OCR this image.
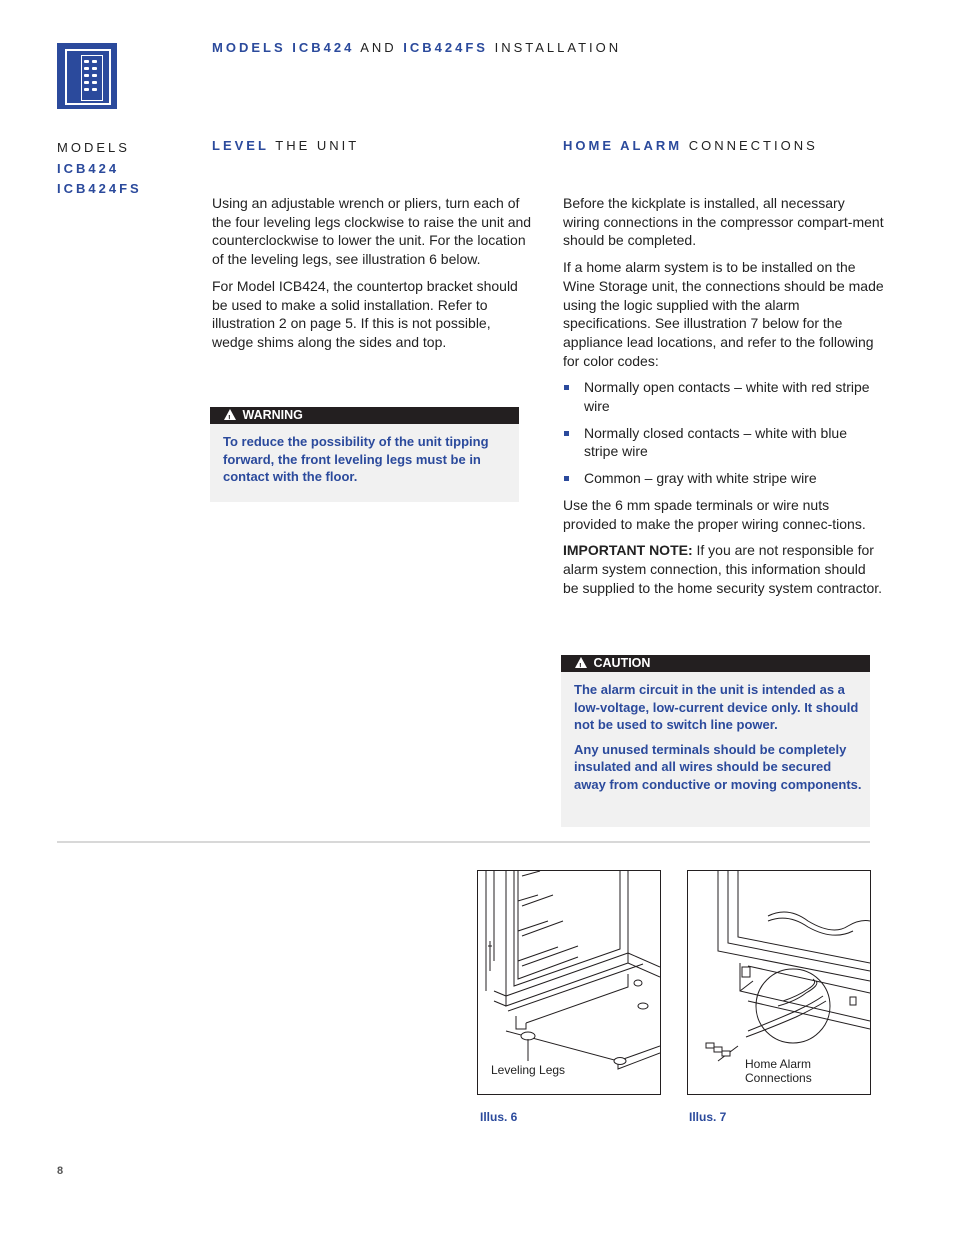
MODELS ICB424 AND ICB424FS INSTALLATION
MODELS
ICB424
ICB424FS
LEVEL THE UNIT

Using an adjustable wrench or pliers, turn each of the four leveling legs clockwise to raise the unit and counterclockwise to lower the unit. For the location of the leveling legs, see illustration 6 below.

For Model ICB424, the countertop bracket should be used to make a solid installation. Refer to illustration 2 on page 5. If this is not possible, wedge shims along the sides and top.

! WARNING

To reduce the possibility of the unit tipping forward, the front leveling legs must be in contact with the floor.

HOME ALARM CONNECTIONS

Before the kickplate is installed, all necessary wiring connections in the compressor compart-ment should be completed.

If a home alarm system is to be installed on the Wine Storage unit, the connections should be made using the logic supplied with the alarm specifications. See illustration 7 below for the appliance lead locations, and refer to the following for color codes:

Normally open contacts – white with red stripe wire
Normally closed contacts – white with blue stripe wire
Common – gray with white stripe wire

Use the 6 mm spade terminals or wire nuts provided to make the proper wiring connec-tions.

IMPORTANT NOTE: If you are not responsible for alarm system connection, this information should be supplied to the home security system contractor.

! CAUTION

The alarm circuit in the unit is intended as a low-voltage, low-current device only. It should not be used to switch line power.

Any unused terminals should be completely insulated and all wires should be secured away from conductive or moving components.

Leveling Legs
Illus. 6
Home Alarm
Connections
Illus. 7
8
